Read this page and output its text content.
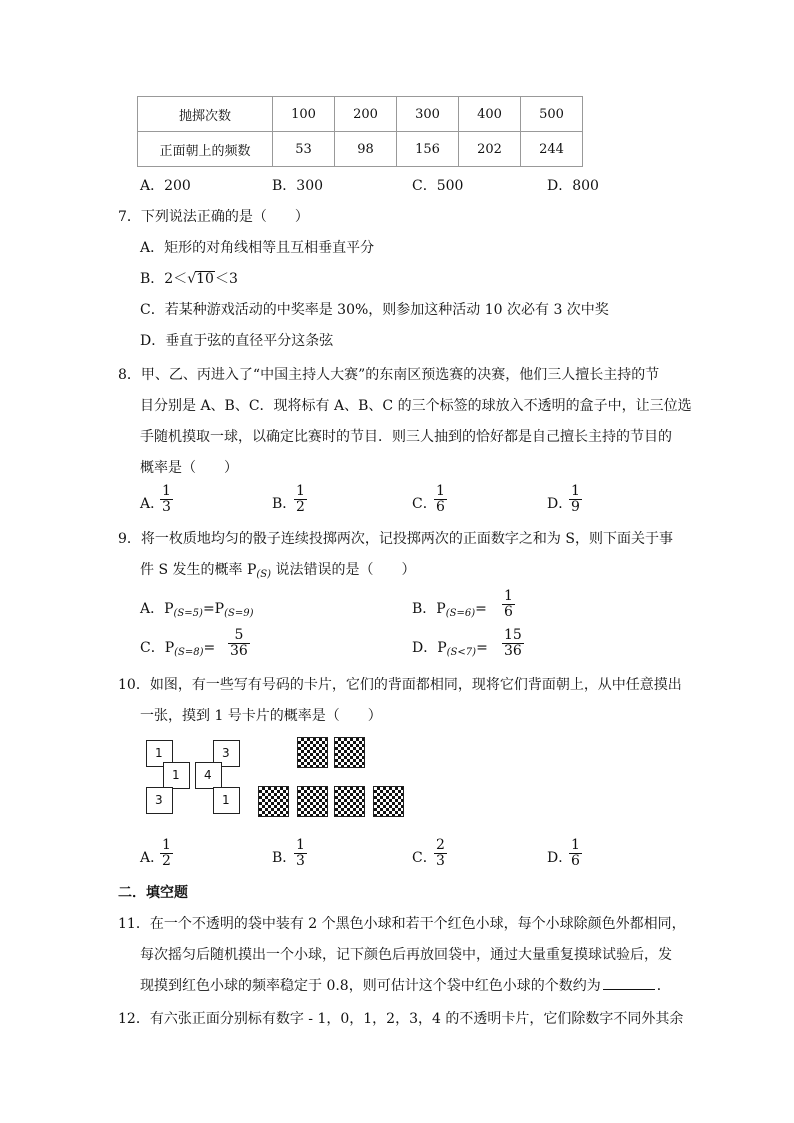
抛掷次数	100	200	300	400	500
正面朝上的频数	53	98	156	202	244
A．200	B．300	C．500	D．800
7．下列说法正确的是（　　）
A．矩形的对角线相等且互相垂直平分
B．2＜√10＜3
C．若某种游戏活动的中奖率是 30%，则参加这种活动 10 次必有 3 次中奖
D．垂直于弦的直径平分这条弦
8．甲、乙、丙进入了“中国主持人大赛”的东南区预选赛的决赛，他们三人擅长主持的节
目分别是 A、B、C．现将标有 A、B、C 的三个标签的球放入不透明的盒子中，让三位选
手随机摸取一球，以确定比赛时的节目．则三人抽到的恰好都是自己擅长主持的节目的
概率是（　　）
A．
$\frac{1}{3}$	B．
$\frac{1}{2}$	C．
$\frac{1}{6}$	D．
$\frac{1}{9}$
9．将一枚质地均匀的骰子连续投掷两次，记投掷两次的正面数字之和为 S，则下面关于事
件 S 发生的概率 $P_{(S)}$ 说法错误的是（　　）
A．$P_{(S=5)}=P_{(S=9)}$	B．$P_{(S=6)}= \frac{1}{6}$
C．$P_{(S=8)}= \frac{5}{36}$	D．$P_{(S<7)}= \frac{15}{36}$
10．如图，有一些写有号码的卡片，它们的背面都相同，现将它们背面朝上，从中任意摸出
一张，摸到 1 号卡片的概率是（　　）
1	3
1 4
3	1
A．
$\frac{1}{2}$	B．
$\frac{1}{3}$	C．
$\frac{2}{3}$	D．
$\frac{1}{6}$
二．填空题
11．在一个不透明的袋中装有 2 个黑色小球和若干个红色小球，每个小球除颜色外都相同，
每次摇匀后随机摸出一个小球，记下颜色后再放回袋中，通过大量重复摸球试验后，发
现摸到红色小球的频率稳定于 0.8，则可估计这个袋中红色小球的个数约为	．
12．有六张正面分别标有数字 - 1，0，1，2，3，4 的不透明卡片，它们除数字不同外其余
